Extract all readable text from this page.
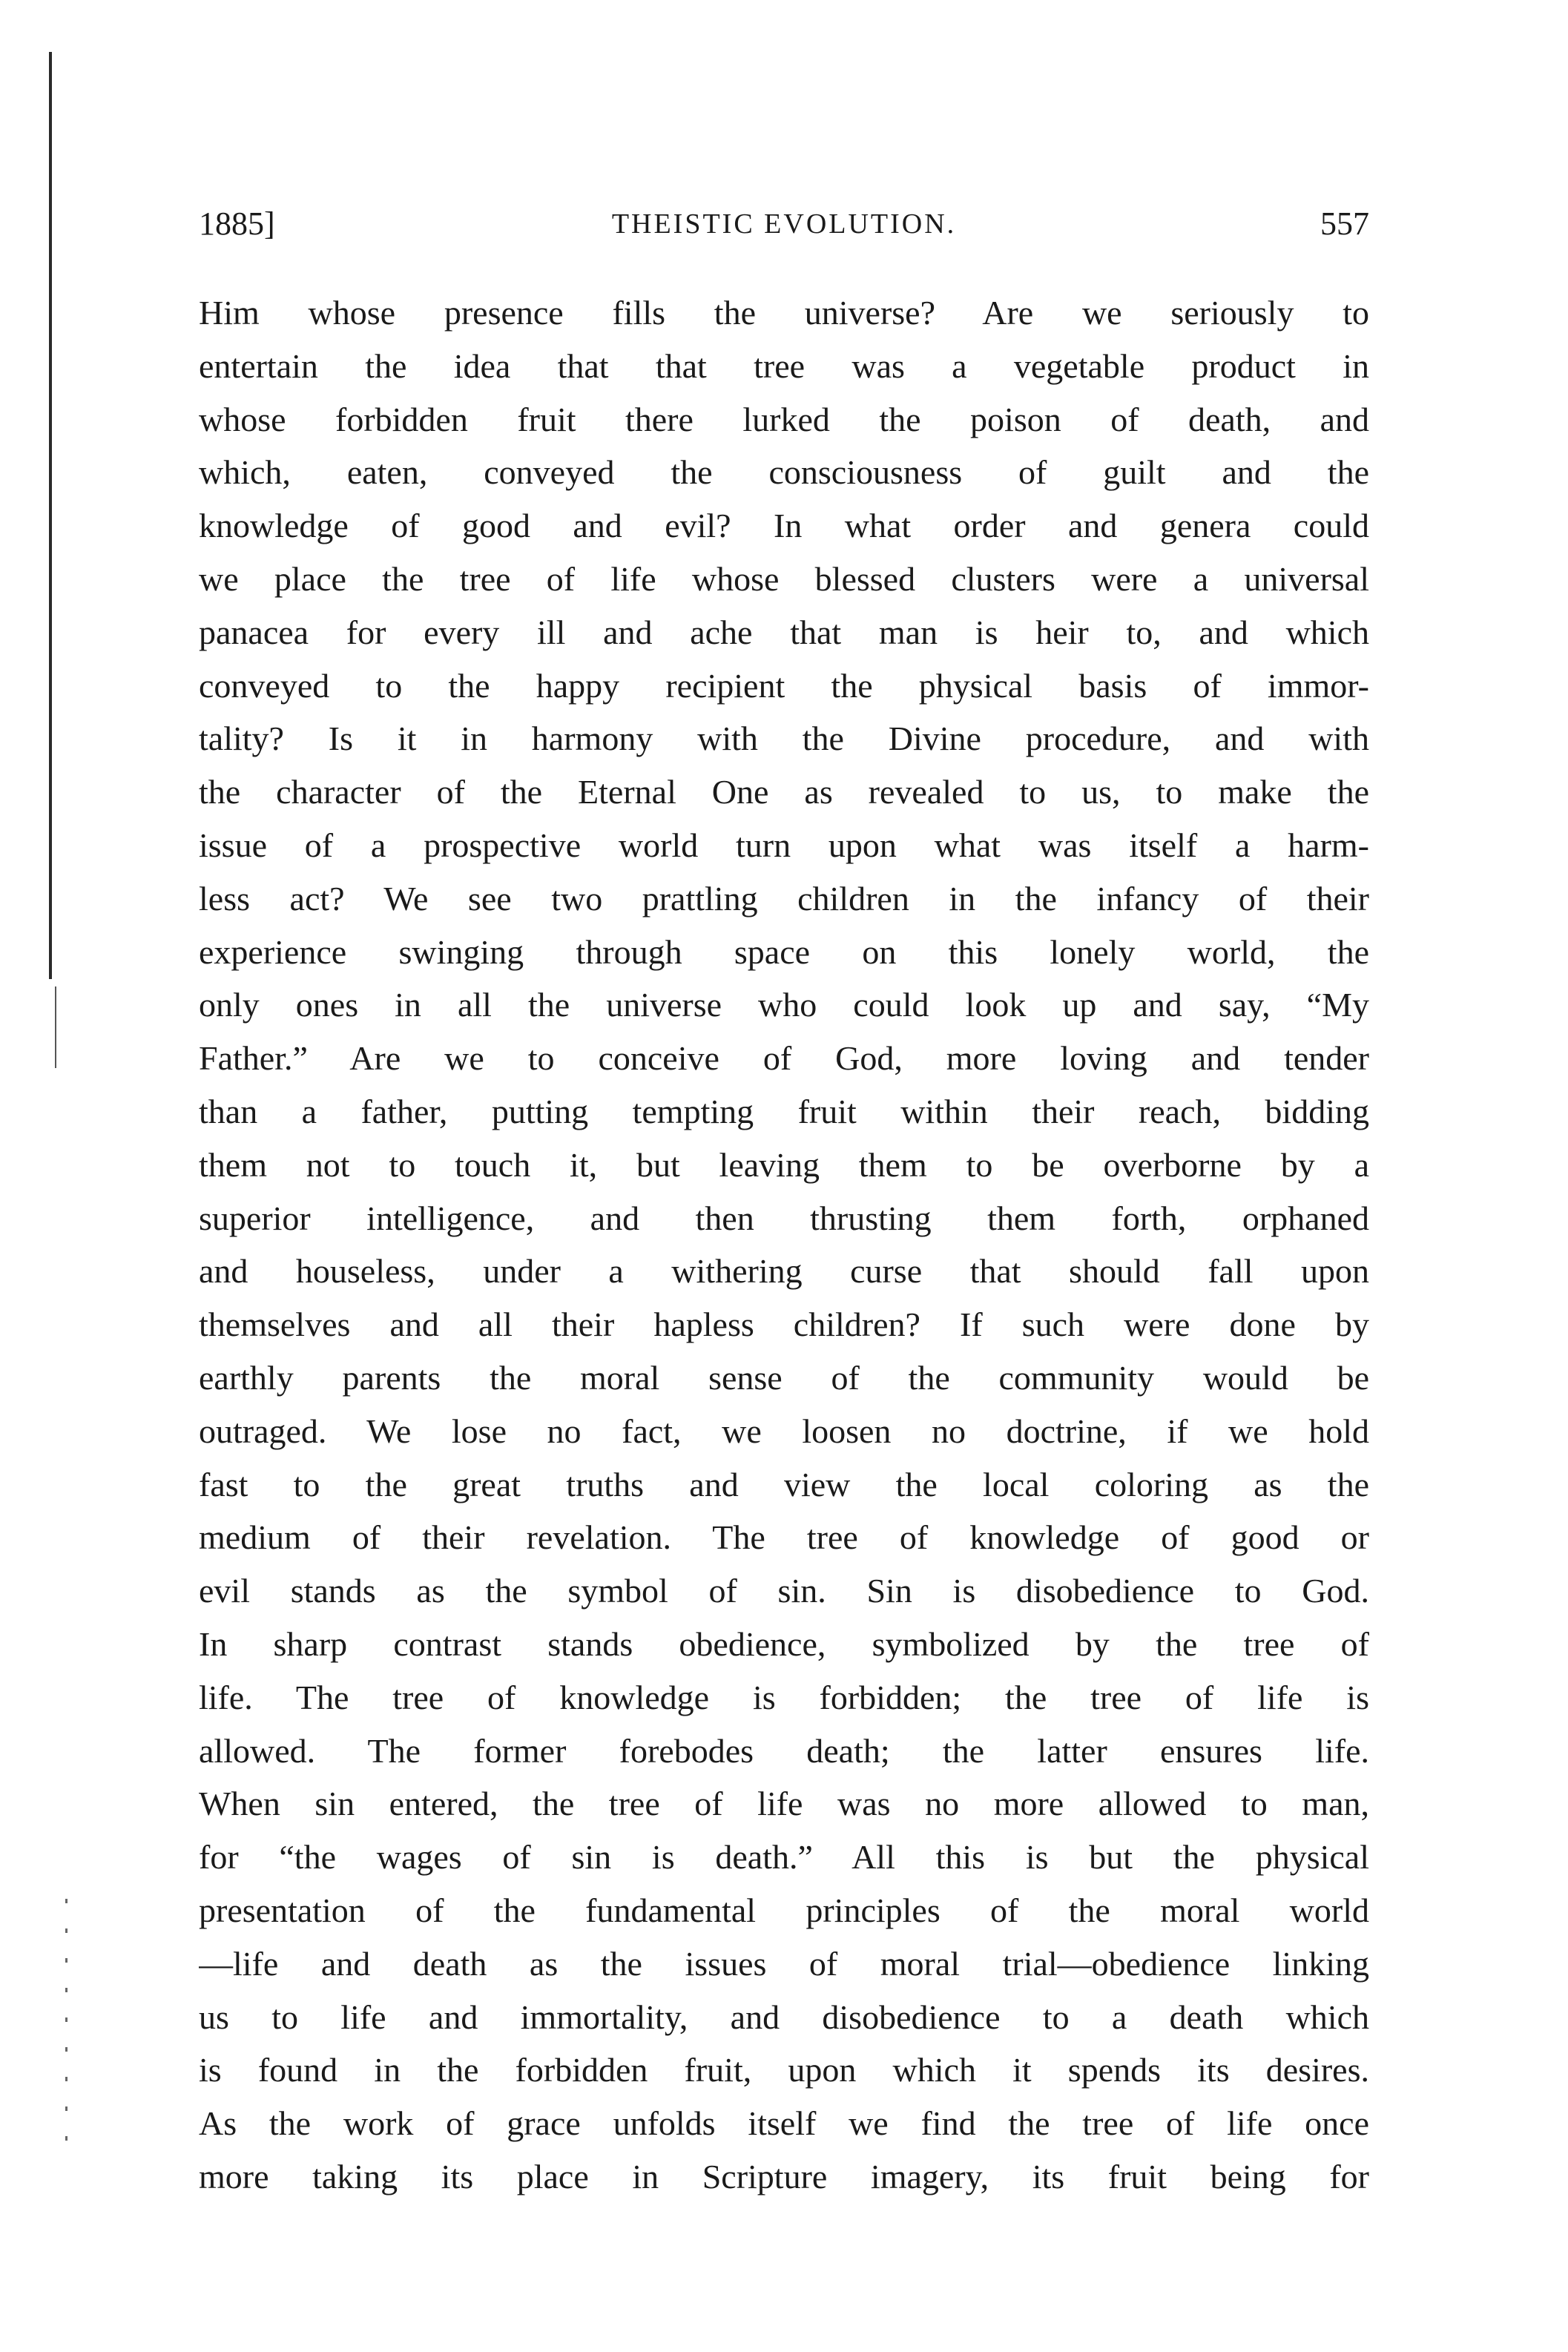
1885]	THEISTIC EVOLUTION.	557
Him whose presence fills the universe? Are we seriously to
entertain the idea that that tree was a vegetable product in
whose forbidden fruit there lurked the poison of death, and
which, eaten, conveyed the consciousness of guilt and the
knowledge of good and evil? In what order and genera could
we place the tree of life whose blessed clusters were a universal
panacea for every ill and ache that man is heir to, and which
conveyed to the happy recipient the physical basis of immor-
tality? Is it in harmony with the Divine procedure, and with
the character of the Eternal One as revealed to us, to make the
issue of a prospective world turn upon what was itself a harm-
less act? We see two prattling children in the infancy of their
experience swinging through space on this lonely world, the
only ones in all the universe who could look up and say, “My
Father.” Are we to conceive of God, more loving and tender
than a father, putting tempting fruit within their reach, bidding
them not to touch it, but leaving them to be overborne by a
superior intelligence, and then thrusting them forth, orphaned
and houseless, under a withering curse that should fall upon
themselves and all their hapless children? If such were done by
earthly parents the moral sense of the community would be
outraged. We lose no fact, we loosen no doctrine, if we hold
fast to the great truths and view the local coloring as the
medium of their revelation. The tree of knowledge of good or
evil stands as the symbol of sin. Sin is disobedience to God.
In sharp contrast stands obedience, symbolized by the tree of
life. The tree of knowledge is forbidden; the tree of life is
allowed. The former forebodes death; the latter ensures life.
When sin entered, the tree of life was no more allowed to man,
for “the wages of sin is death.” All this is but the physical
presentation of the fundamental principles of the moral world
—life and death as the issues of moral trial—obedience linking
us to life and immortality, and disobedience to a death which
is found in the forbidden fruit, upon which it spends its desires.
As the work of grace unfolds itself we find the tree of life once
more taking its place in Scripture imagery, its fruit being for
